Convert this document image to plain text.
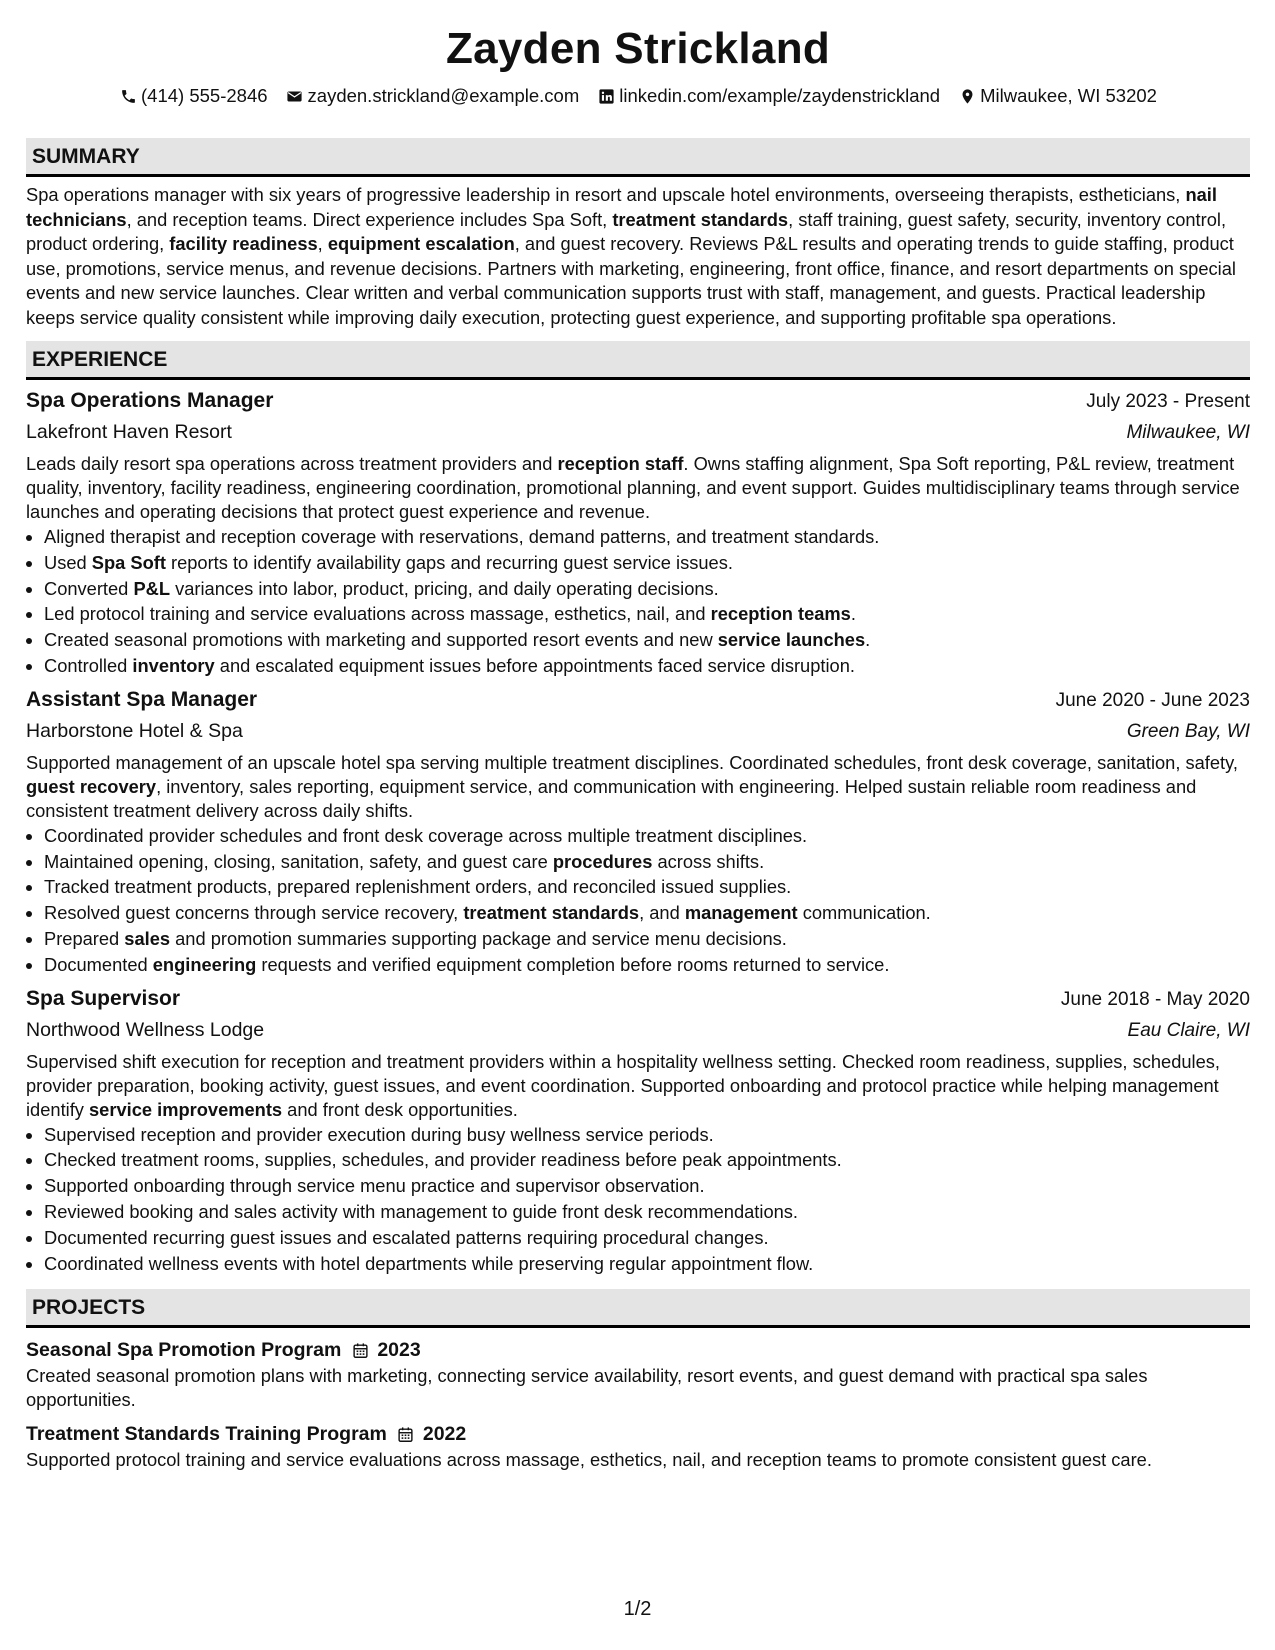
Zayden Strickland
(414) 555-2846 zayden.strickland@example.com linkedin.com/example/zaydenstrickland Milwaukee, WI 53202
SUMMARY
Spa operations manager with six years of progressive leadership in resort and upscale hotel environments, overseeing therapists, estheticians, nail technicians, and reception teams. Direct experience includes Spa Soft, treatment standards, staff training, guest safety, security, inventory control, product ordering, facility readiness, equipment escalation, and guest recovery. Reviews P&L results and operating trends to guide staffing, product use, promotions, service menus, and revenue decisions. Partners with marketing, engineering, front office, finance, and resort departments on special events and new service launches. Clear written and verbal communication supports trust with staff, management, and guests. Practical leadership keeps service quality consistent while improving daily execution, protecting guest experience, and supporting profitable spa operations.
EXPERIENCE
Spa Operations Manager	July 2023 - Present
Lakefront Haven Resort	Milwaukee, WI
Leads daily resort spa operations across treatment providers and reception staff. Owns staffing alignment, Spa Soft reporting, P&L review, treatment quality, inventory, facility readiness, engineering coordination, promotional planning, and event support. Guides multidisciplinary teams through service launches and operating decisions that protect guest experience and revenue.
• Aligned therapist and reception coverage with reservations, demand patterns, and treatment standards.
• Used Spa Soft reports to identify availability gaps and recurring guest service issues.
• Converted P&L variances into labor, product, pricing, and daily operating decisions.
• Led protocol training and service evaluations across massage, esthetics, nail, and reception teams.
• Created seasonal promotions with marketing and supported resort events and new service launches.
• Controlled inventory and escalated equipment issues before appointments faced service disruption.
Assistant Spa Manager	June 2020 - June 2023
Harborstone Hotel & Spa	Green Bay, WI
Supported management of an upscale hotel spa serving multiple treatment disciplines. Coordinated schedules, front desk coverage, sanitation, safety, guest recovery, inventory, sales reporting, equipment service, and communication with engineering. Helped sustain reliable room readiness and consistent treatment delivery across daily shifts.
• Coordinated provider schedules and front desk coverage across multiple treatment disciplines.
• Maintained opening, closing, sanitation, safety, and guest care procedures across shifts.
• Tracked treatment products, prepared replenishment orders, and reconciled issued supplies.
• Resolved guest concerns through service recovery, treatment standards, and management communication.
• Prepared sales and promotion summaries supporting package and service menu decisions.
• Documented engineering requests and verified equipment completion before rooms returned to service.
Spa Supervisor	June 2018 - May 2020
Northwood Wellness Lodge	Eau Claire, WI
Supervised shift execution for reception and treatment providers within a hospitality wellness setting. Checked room readiness, supplies, schedules, provider preparation, booking activity, guest issues, and event coordination. Supported onboarding and protocol practice while helping management identify service improvements and front desk opportunities.
• Supervised reception and provider execution during busy wellness service periods.
• Checked treatment rooms, supplies, schedules, and provider readiness before peak appointments.
• Supported onboarding through service menu practice and supervisor observation.
• Reviewed booking and sales activity with management to guide front desk recommendations.
• Documented recurring guest issues and escalated patterns requiring procedural changes.
• Coordinated wellness events with hotel departments while preserving regular appointment flow.
PROJECTS
Seasonal Spa Promotion Program 2023
Created seasonal promotion plans with marketing, connecting service availability, resort events, and guest demand with practical spa sales opportunities.
Treatment Standards Training Program 2022
Supported protocol training and service evaluations across massage, esthetics, nail, and reception teams to promote consistent guest care.
1/2
